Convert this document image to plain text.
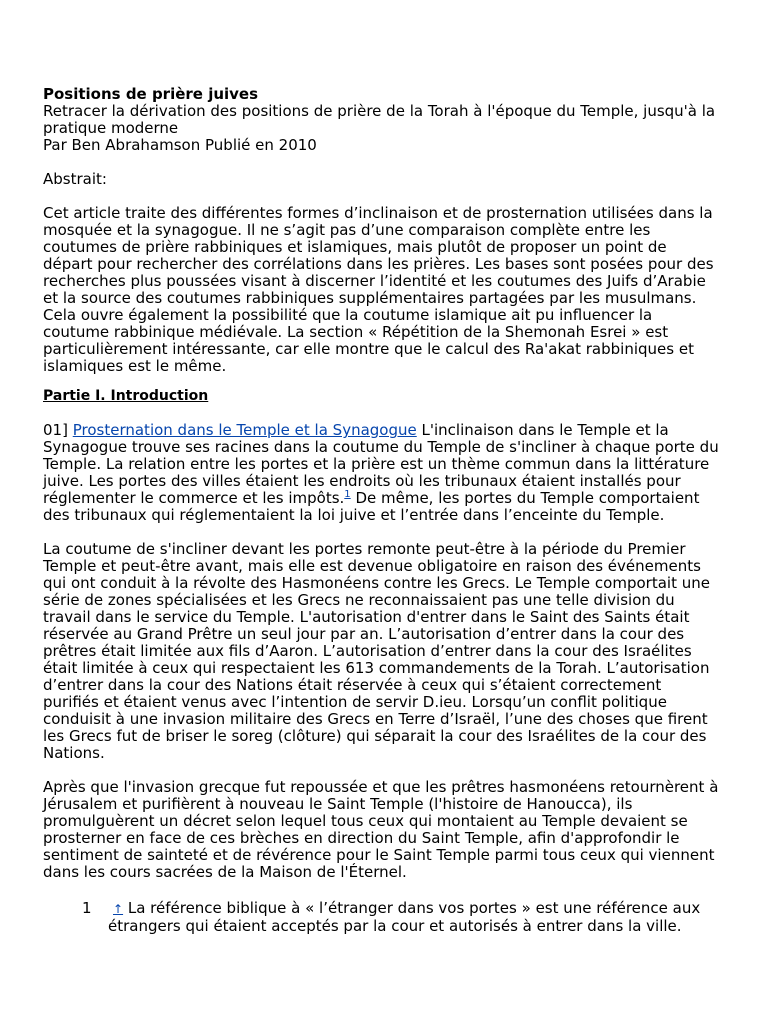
Positions de prière juives

Retracer la dérivation des positions de prière de la Torah à l'époque du Temple, jusqu'à la pratique moderne

Par Ben Abrahamson Publié en 2010

Abstrait:

Cet article traite des différentes formes d’inclinaison et de prosternation utilisées dans la mosquée et la synagogue. Il ne s’agit pas d’une comparaison complète entre les coutumes de prière rabbiniques et islamiques, mais plutôt de proposer un point de départ pour rechercher des corrélations dans les prières. Les bases sont posées pour des recherches plus poussées visant à discerner l’identité et les coutumes des Juifs d’Arabie et la source des coutumes rabbiniques supplémentaires partagées par les musulmans. Cela ouvre également la possibilité que la coutume islamique ait pu influencer la coutume rabbinique médiévale. La section « Répétition de la Shemonah Esrei » est particulièrement intéressante, car elle montre que le calcul des Ra'akat rabbiniques et islamiques est le même.

Partie I. Introduction

01] Prosternation dans le Temple et la Synagogue L'inclinaison dans le Temple et la Synagogue trouve ses racines dans la coutume du Temple de s'incliner à chaque porte du Temple. La relation entre les portes et la prière est un thème commun dans la littérature juive. Les portes des villes étaient les endroits où les tribunaux étaient installés pour réglementer le commerce et les impôts.$^1$ De même, les portes du Temple comportaient des tribunaux qui réglementaient la loi juive et l’entrée dans l’enceinte du Temple.

La coutume de s'incliner devant les portes remonte peut-être à la période du Premier Temple et peut-être avant, mais elle est devenue obligatoire en raison des événements qui ont conduit à la révolte des Hasmonéens contre les Grecs. Le Temple comportait une série de zones spécialisées et les Grecs ne reconnaissaient pas une telle division du travail dans le service du Temple. L'autorisation d'entrer dans le Saint des Saints était réservée au Grand Prêtre un seul jour par an. L’autorisation d’entrer dans la cour des prêtres était limitée aux fils d’Aaron. L’autorisation d’entrer dans la cour des Israélites était limitée à ceux qui respectaient les 613 commandements de la Torah. L’autorisation d’entrer dans la cour des Nations était réservée à ceux qui s’étaient correctement purifiés et étaient venus avec l’intention de servir D.ieu. Lorsqu’un conflit politique conduisit à une invasion militaire des Grecs en Terre d’Israël, l’une des choses que firent les Grecs fut de briser le soreg (clôture) qui séparait la cour des Israélites de la cour des Nations.

Après que l'invasion grecque fut repoussée et que les prêtres hasmonéens retournèrent à Jérusalem et purifièrent à nouveau le Saint Temple (l'histoire de Hanoucca), ils promulguèrent un décret selon lequel tous ceux qui montaient au Temple devaient se prosterner en face de ces brèches en direction du Saint Temple, afin d'approfondir le sentiment de sainteté et de révérence pour le Saint Temple parmi tous ceux qui viennent dans les cours sacrées de la Maison de l'Éternel.

1 ↑ La référence biblique à « l’étranger dans vos portes » est une référence aux étrangers qui étaient acceptés par la cour et autorisés à entrer dans la ville.
